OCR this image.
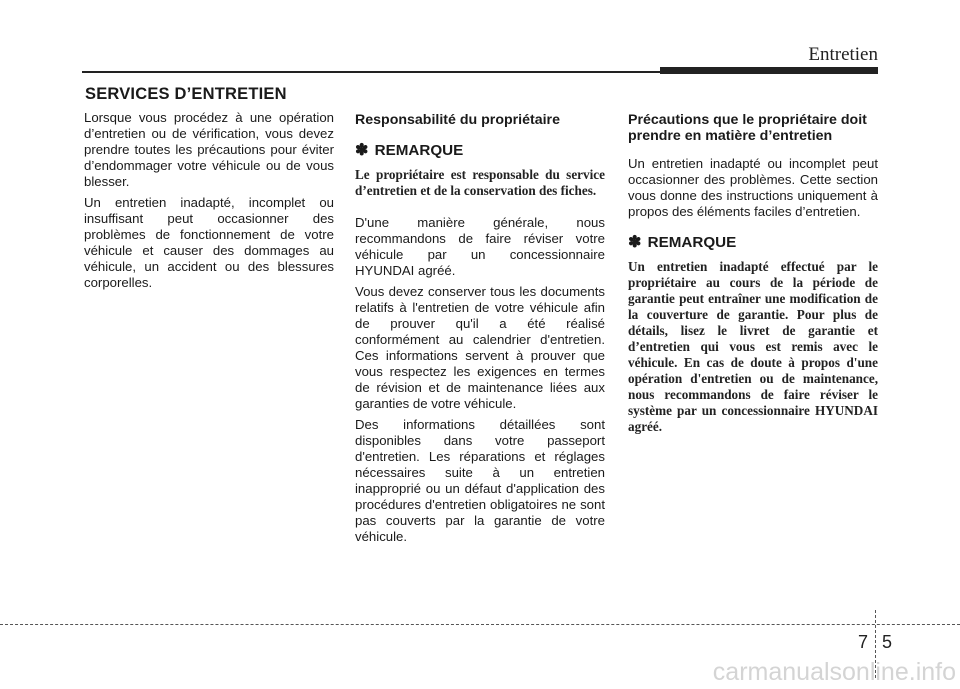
Entretien
SERVICES D’ENTRETIEN

Lorsque vous procédez à une opération d’entretien ou de vérification, vous devez prendre toutes les précautions pour éviter d’endommager votre véhicule ou de vous blesser.

Un entretien inadapté, incomplet ou insuffisant peut occasionner des problèmes de fonctionnement de votre véhicule et causer des dommages au véhicule, un accident ou des blessures corporelles.

Responsabilité du propriétaire
✽ REMARQUE
Le propriétaire est responsable du service d’entretien et de la conservation des fiches.

D'une manière générale, nous recommandons de faire réviser votre véhicule par un concessionnaire HYUNDAI agréé.

Vous devez conserver tous les documents relatifs à l'entretien de votre véhicule afin de prouver qu'il a été réalisé conformément au calendrier d'entretien. Ces informations servent à prouver que vous respectez les exigences en termes de révision et de maintenance liées aux garanties de votre véhicule.

Des informations détaillées sont disponibles dans votre passeport d'entretien. Les réparations et réglages nécessaires suite à un entretien inapproprié ou un défaut d'application des procédures d'entretien obligatoires ne sont pas couverts par la garantie de votre véhicule.

Précautions que le propriétaire doit prendre en matière d’entretien

Un entretien inadapté ou incomplet peut occasionner des problèmes. Cette section vous donne des instructions uniquement à propos des éléments faciles d’entretien.

✽ REMARQUE
Un entretien inadapté effectué par le propriétaire au cours de la période de garantie peut entraîner une modification de la couverture de garantie. Pour plus de détails, lisez le livret de garantie et d’entretien qui vous est remis avec le véhicule. En cas de doute à propos d'une opération d'entretien ou de maintenance, nous recommandons de faire réviser le système par un concessionnaire HYUNDAI agréé.
7 5
carmanualsonline.info
